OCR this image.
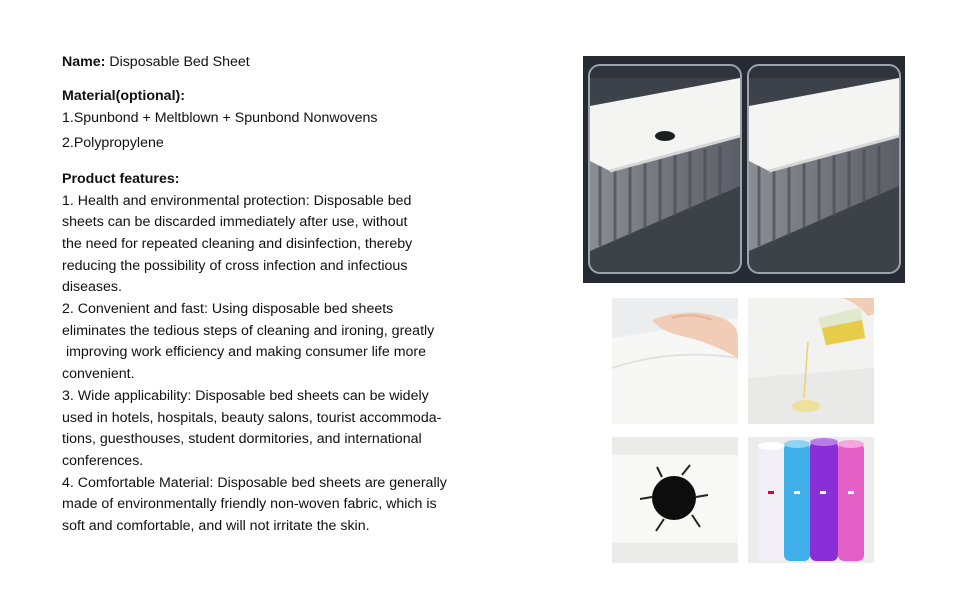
Name: Disposable Bed Sheet

Material(optional):

1.Spunbond + Meltblown + Spunbond Nonwovens

2.Polypropylene

Product features:

1. Health and environmental protection: Disposable bed

sheets can be discarded immediately after use, without

the need for repeated cleaning and disinfection, thereby

reducing the possibility of cross infection and infectious

diseases.

2. Convenient and fast: Using disposable bed sheets

eliminates the tedious steps of cleaning and ironing, greatly

improving work efficiency and making consumer life more

convenient.

3. Wide applicability: Disposable bed sheets can be widely

used in hotels, hospitals, beauty salons, tourist accommoda-

tions, guesthouses, student dormitories, and international

conferences.

4. Comfortable Material: Disposable bed sheets are generally

made of environmentally friendly non-woven fabric, which is

soft and comfortable, and will not irritate the skin.
